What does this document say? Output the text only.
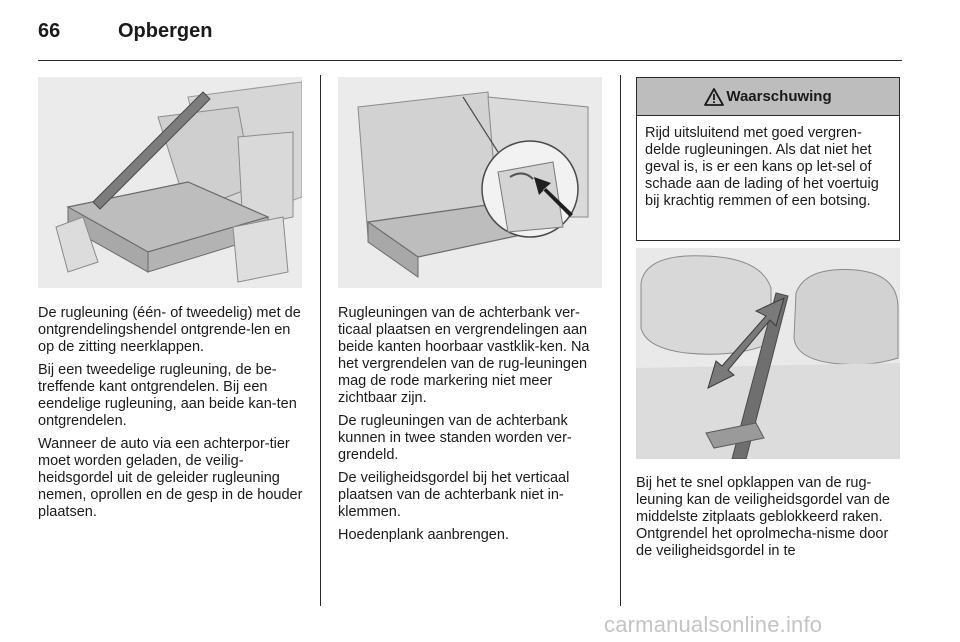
66	Opbergen

De rugleuning (één- of tweedelig) met de ontgrendelingshendel ontgrende-len en op de zitting neerklappen.

Bij een tweedelige rugleuning, de be-treffende kant ontgrendelen. Bij een eendelige rugleuning, aan beide kan-ten ontgrendelen.

Wanneer de auto via een achterpor-tier moet worden geladen, de veilig-heidsgordel uit de geleider rugleuning nemen, oprollen en de gesp in de houder plaatsen.

Rugleuningen van de achterbank ver-ticaal plaatsen en vergrendelingen aan beide kanten hoorbaar vastklik-ken. Na het vergrendelen van de rug-leuningen mag de rode markering niet meer zichtbaar zijn.

De rugleuningen van de achterbank kunnen in twee standen worden ver-grendeld.

De veiligheidsgordel bij het verticaal plaatsen van de achterbank niet in-klemmen.

Hoedenplank aanbrengen.

Waarschuwing
Rijd uitsluitend met goed vergren-delde rugleuningen. Als dat niet het geval is, is er een kans op let-sel of schade aan de lading of het voertuig bij krachtig remmen of een botsing.

Bij het te snel opklappen van de rug-leuning kan de veiligheidsgordel van de middelste zitplaats geblokkeerd raken. Ontgrendel het oprolmecha-nisme door de veiligheidsgordel in te

carmanualsonline.info
